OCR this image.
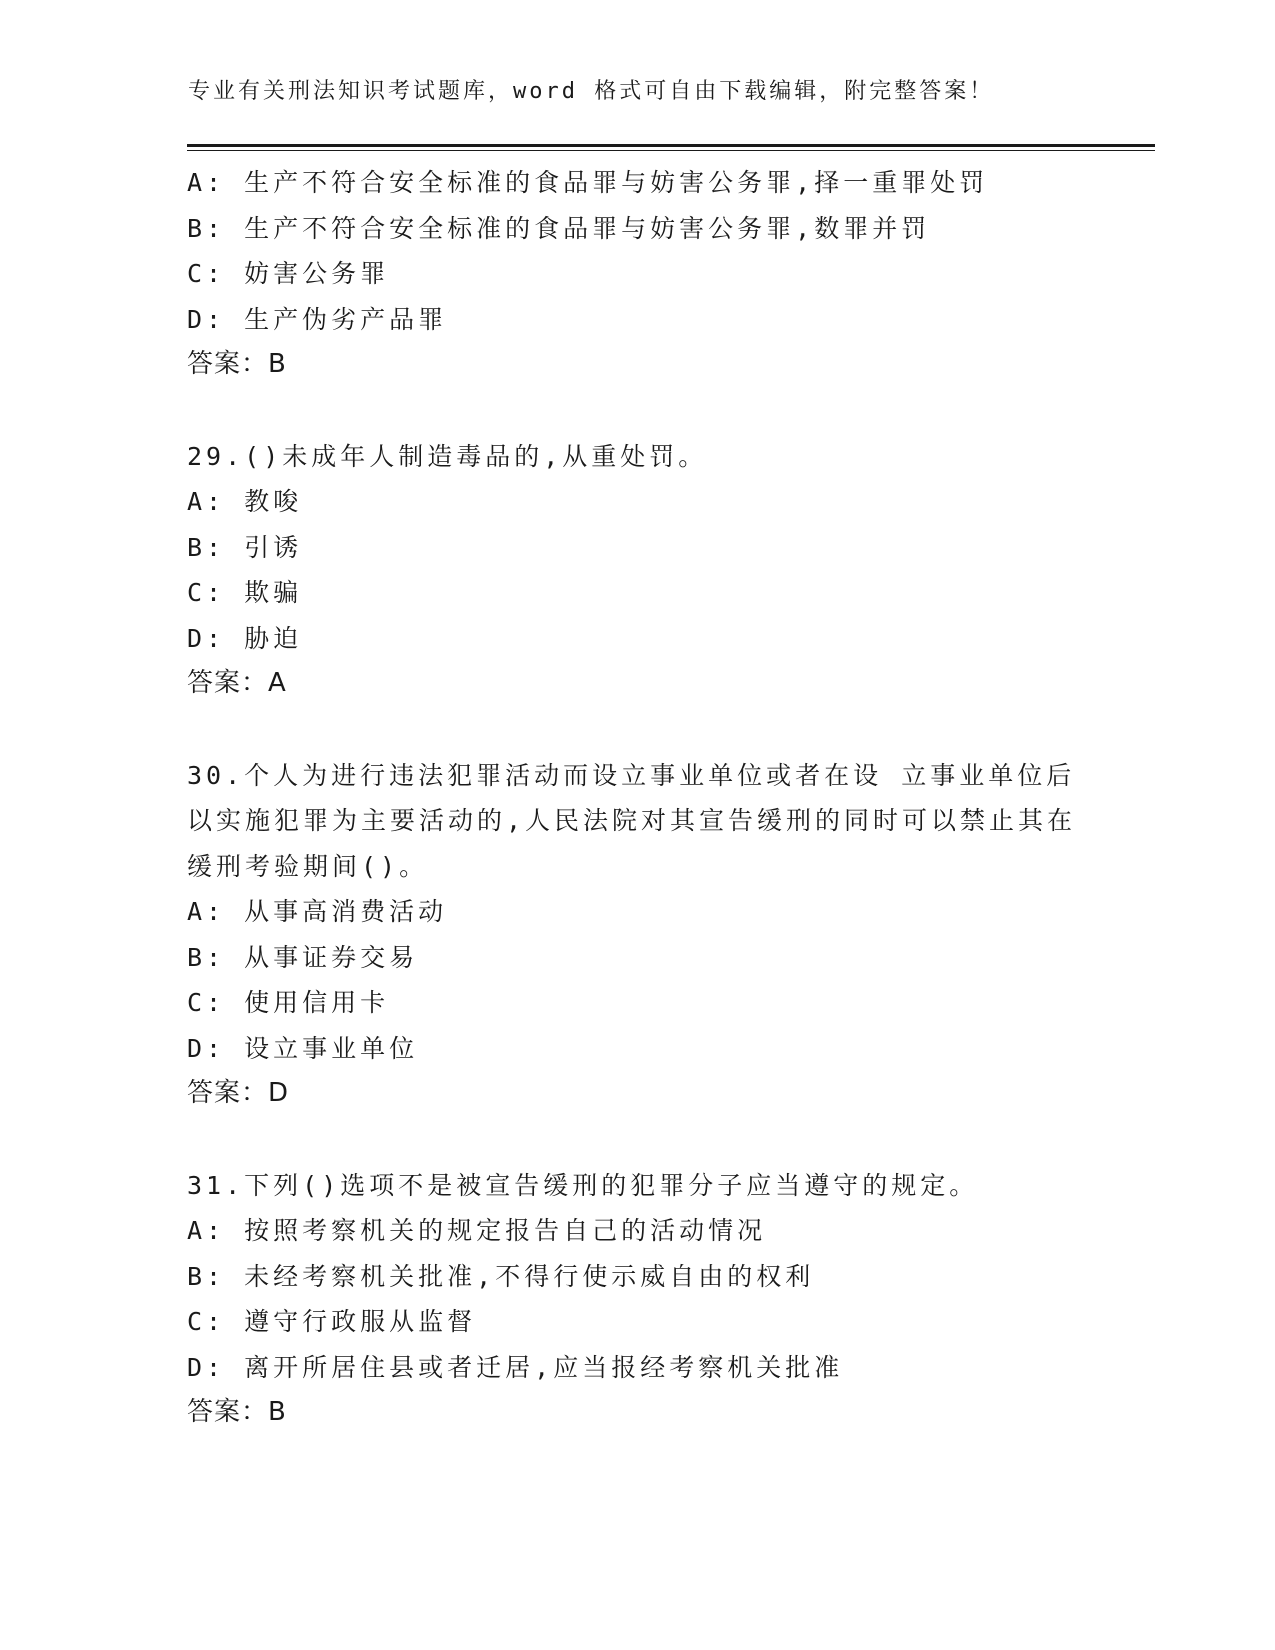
专业有关刑法知识考试题库，word 格式可自由下载编辑，附完整答案！
A: 生产不符合安全标准的食品罪与妨害公务罪,择一重罪处罚
B: 生产不符合安全标准的食品罪与妨害公务罪,数罪并罚
C: 妨害公务罪
D: 生产伪劣产品罪
答案：B
29.()未成年人制造毒品的,从重处罚。
A: 教唆
B: 引诱
C: 欺骗
D: 胁迫
答案：A
30.个人为进行违法犯罪活动而设立事业单位或者在设 立事业单位后
以实施犯罪为主要活动的,人民法院对其宣告缓刑的同时可以禁止其在
缓刑考验期间()。
A: 从事高消费活动
B: 从事证券交易
C: 使用信用卡
D: 设立事业单位
答案：D
31.下列()选项不是被宣告缓刑的犯罪分子应当遵守的规定。
A: 按照考察机关的规定报告自己的活动情况
B: 未经考察机关批准,不得行使示威自由的权利
C: 遵守行政服从监督
D: 离开所居住县或者迁居,应当报经考察机关批准
答案：B
